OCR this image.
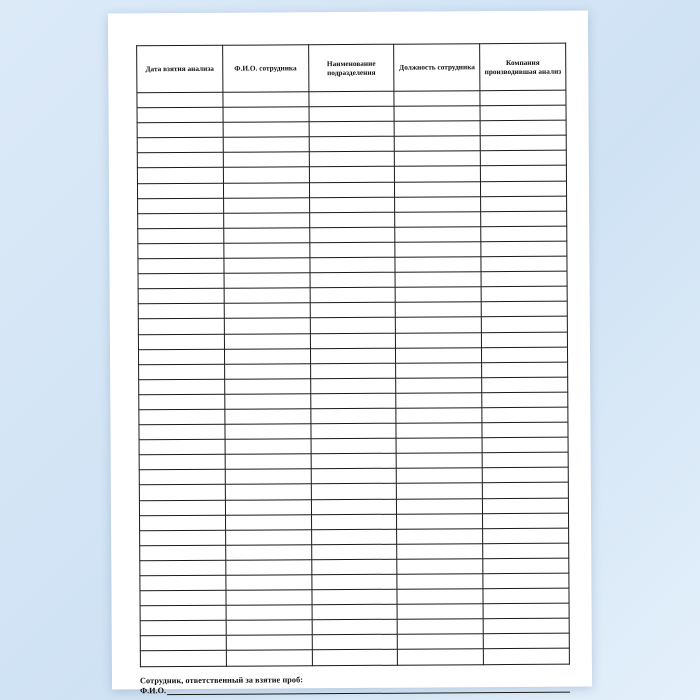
Дата взятия анализа	Ф.И.О. сотрудника	Наименование подразделения	Должность сотрудника	Компания производившая анализ

Сотрудник, ответственный за взятие проб:
Ф.И.О.
